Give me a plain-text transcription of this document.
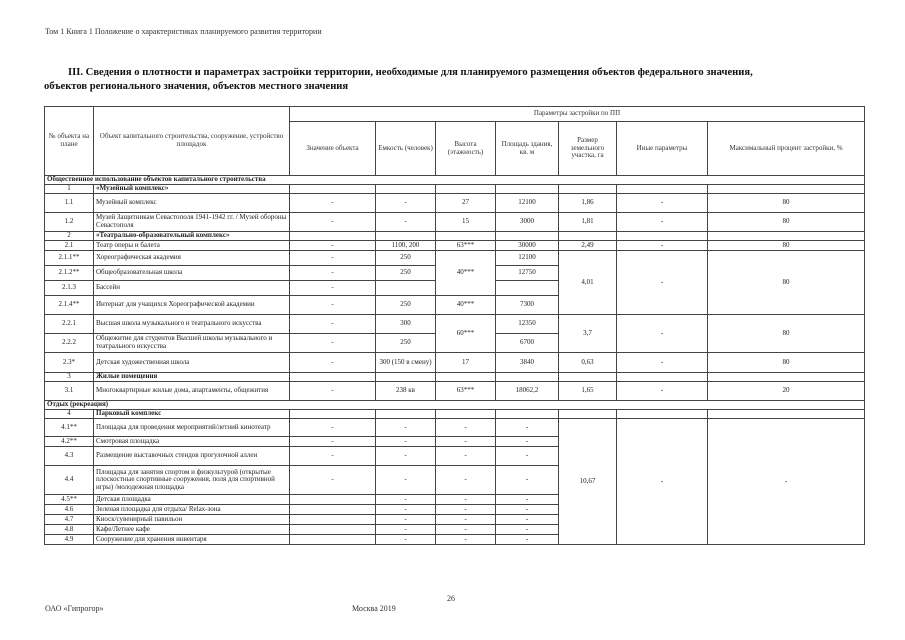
Том 1 Книга 1 Положение о характеристиках планируемого развития территории
III. Сведения о плотности и параметрах застройки территории, необходимые для планируемого размещения объектов федерального значения,
объектов регионального значения, объектов местного значения
№ объекта на плане	Объект капитального строительства, сооружение, устройство площадок	Параметры застройки по ПП						
		Значение объекта	Емкость (человек)	Высота (этажность)	Площадь здания, кв. м	Размер земельного участка, га	Иные параметры	Максимальный процент застройки, %
Общественное использование объектов капитального строительства								
1	«Музейный комплекс»							
1.1	Музейный комплекс	-	-	27	12100	1,86	-	80
1.2	Музей Защитникам Севастополя 1941-1942 гг. / Музей обороны Севастополя	-	-	15	3000	1,81	-	80
2	«Театрально-образовательный комплекс»							
2.1	Театр оперы и балета	-	1100, 200	63***	30000	2,49	-	80
2.1.1**	Хореографическая академия	-	250	40***	12100	4,01	-	80
2.1.2**	Общеобразовательная школа	-	250		12750			
2.1.3	Бассейн	-						
2.1.4**	Интернат для учащихся Хореографической академии	-	250	40***	7300			
2.2.1	Высшая школа музыкального и театрального искусства	-	300	60***	12350	3,7	-	80
2.2.2	Общежитие для студентов Высшей школы музыкального и театрального искусства	-	250		6700			
2.3*	Детская художественная школа	-	300 (150 в смену)	17	3840	0,63	-	80
3	Жилые помещения							
3.1	Многоквартирные жилые дома, апартаменты, общежития	-	238 кв	63***	18062,2	1,65	-	20
Отдых (рекреация)								
4	Парковый комплекс							
4.1**	Площадка для проведения мероприятий/летний кинотеатр	-	-	-	-	10,67	-	-
4.2**	Смотровая площадка	-	-	-	-			
4.3	Размещение выставочных стендов прогулочной аллеи	-	-	-	-			
4.4	Площадка для занятия спортом и физкультурой (открытые плоскостные спортивные сооружения, поля для спортивной игры) /молодежная площадка	-	-	-	-			
4.5**	Детская площадка		-	-	-			
4.6	Зеленая площадка для отдыха/ Relax-зона		-	-	-			
4.7	Киоск/сувенирный павильон		-	-	-			
4.8	Кафе/Летнее кафе		-	-	-			
4.9	Сооружение для хранения инвентаря		-	-	-			
26
ОАО «Гипрогор»	Москва 2019
